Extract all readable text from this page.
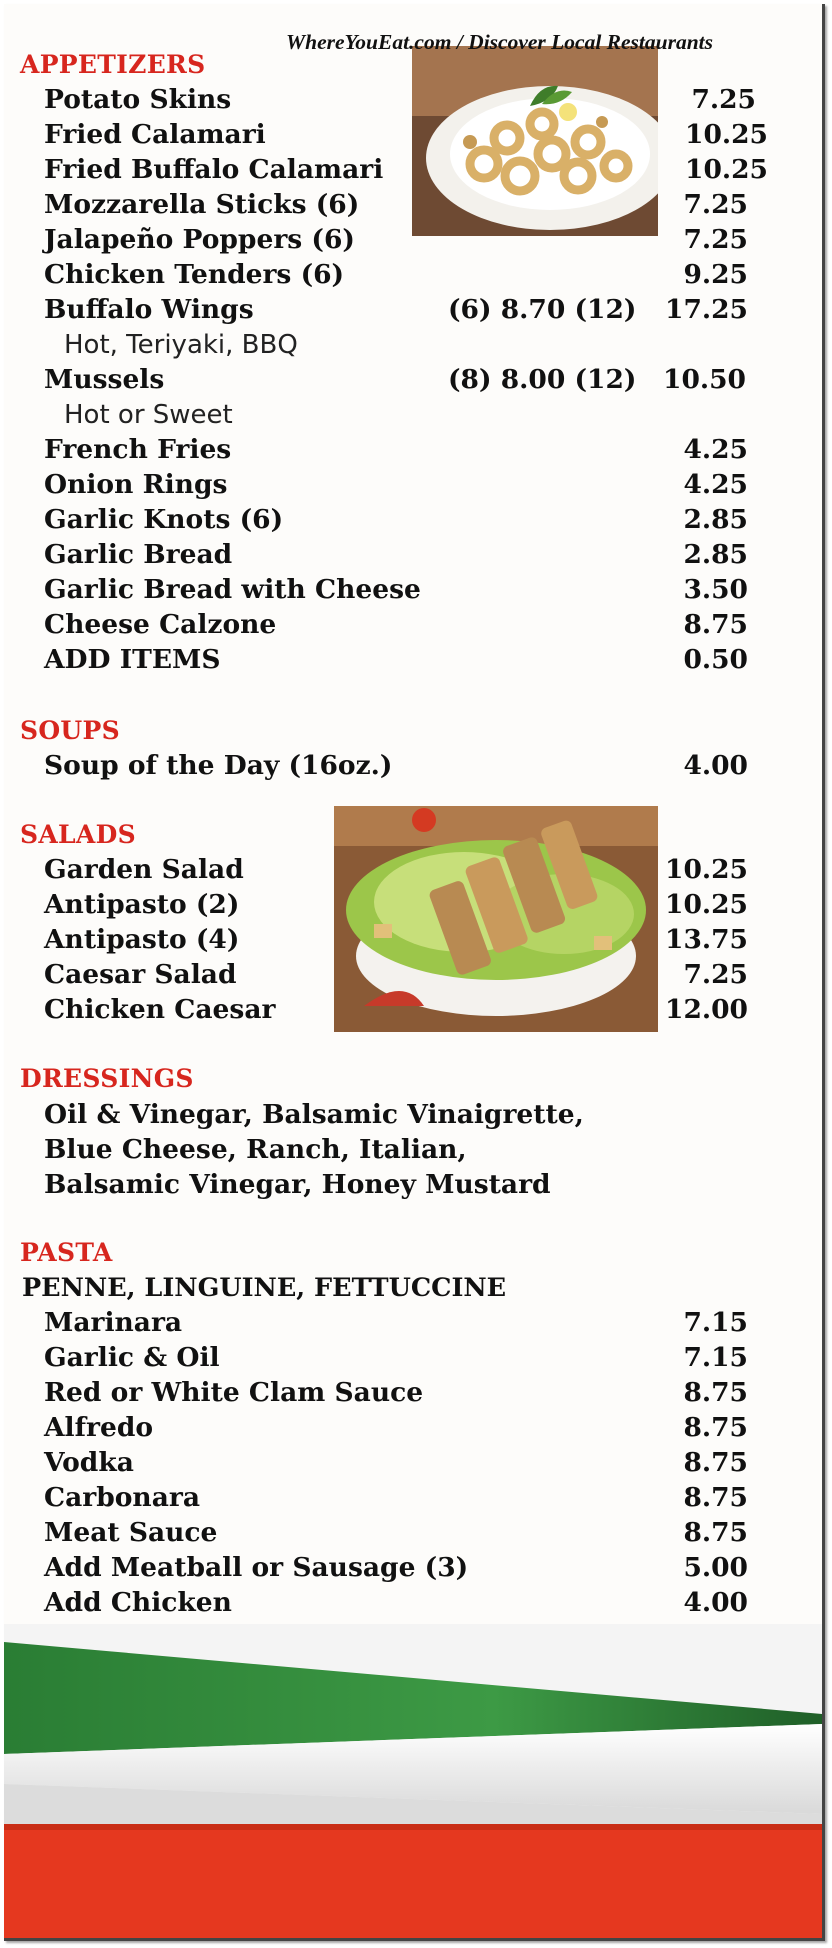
WhereYouEat.com / Discover Local Restaurants
APPETIZERS
Potato Skins	7.25
Fried Calamari	10.25
Fried Buffalo Calamari	10.25
Mozzarella Sticks (6)	7.25
Jalapeño Poppers (6)	7.25
Chicken Tenders (6)	9.25
Buffalo Wings	(6) 8.70 (12) 17.25
Hot, Teriyaki, BBQ
Mussels	(8) 8.00 (12) 10.50
Hot or Sweet
French Fries	4.25
Onion Rings	4.25
Garlic Knots (6)	2.85
Garlic Bread	2.85
Garlic Bread with Cheese	3.50
Cheese Calzone	8.75
ADD ITEMS	0.50
SOUPS
Soup of the Day (16oz.)	4.00
SALADS
Garden Salad	10.25
Antipasto (2)	10.25
Antipasto (4)	13.75
Caesar Salad	7.25
Chicken Caesar	12.00
DRESSINGS
Oil & Vinegar, Balsamic Vinaigrette,
Blue Cheese, Ranch, Italian,
Balsamic Vinegar, Honey Mustard
PASTA
PENNE, LINGUINE, FETTUCCINE
Marinara	7.15
Garlic & Oil	7.15
Red or White Clam Sauce	8.75
Alfredo	8.75
Vodka	8.75
Carbonara	8.75
Meat Sauce	8.75
Add Meatball or Sausage (3)	5.00
Add Chicken	4.00
